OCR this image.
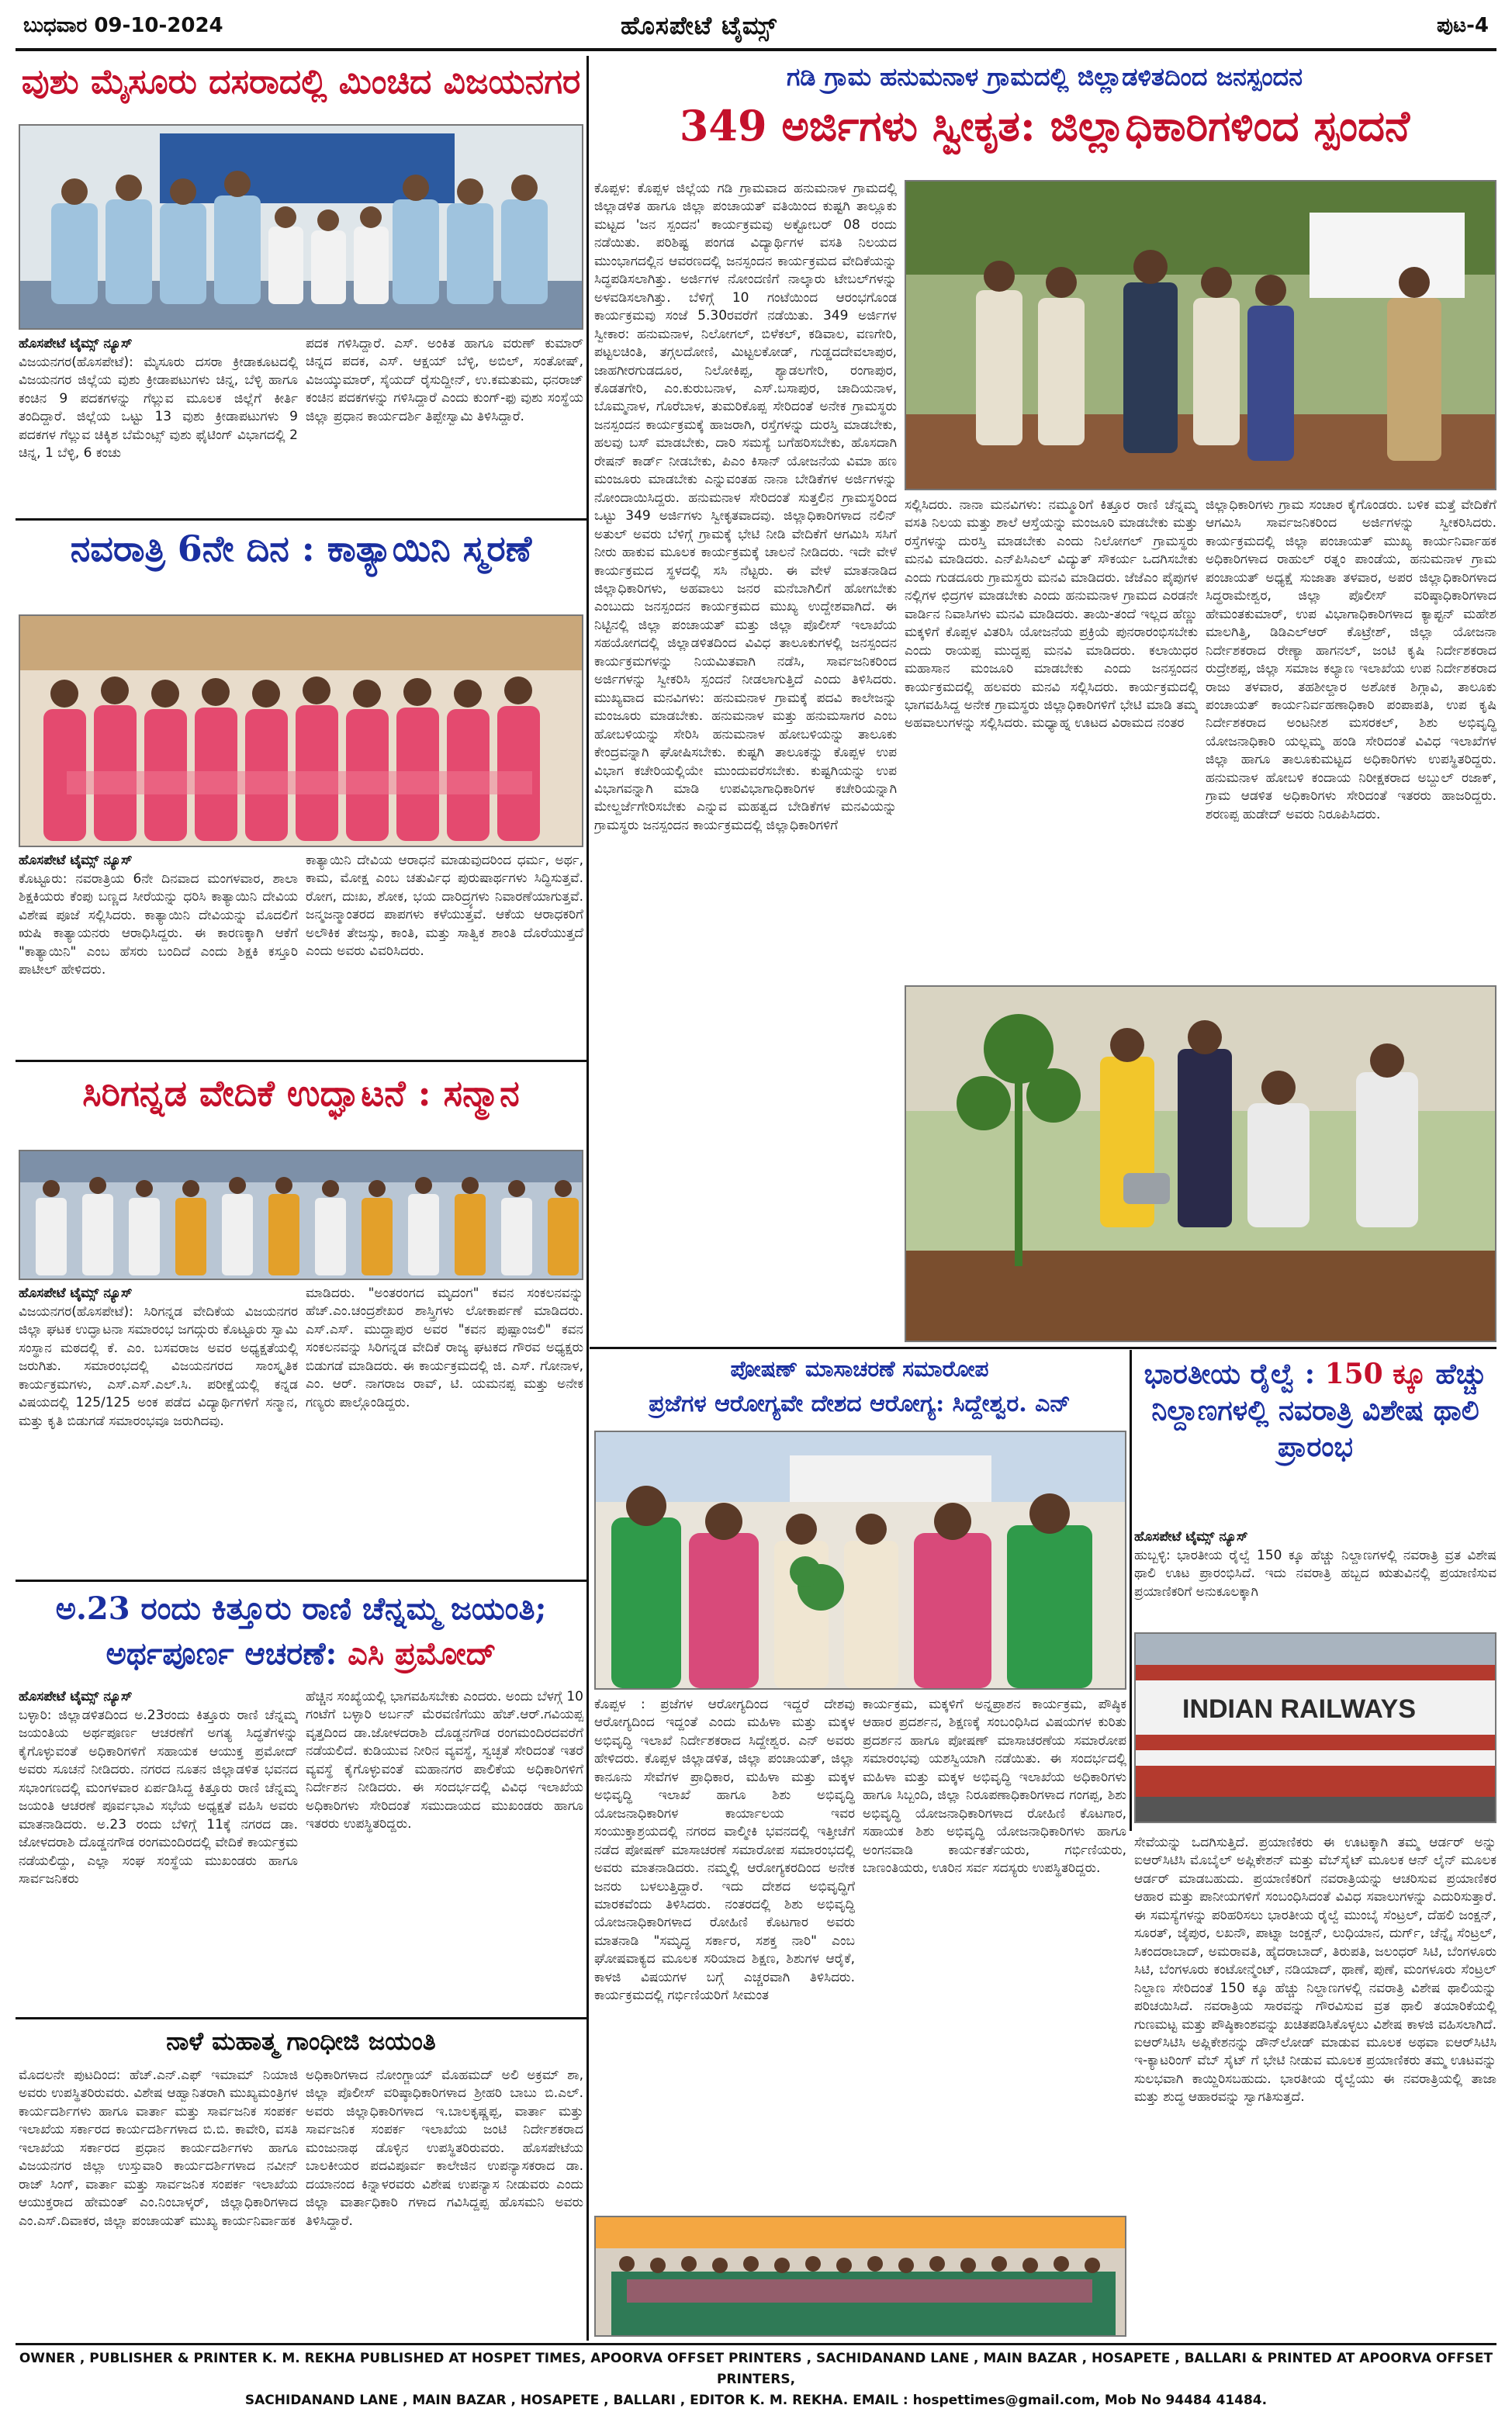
ಬುಧವಾರ 09-10-2024	ಹೊಸಪೇಟೆ ಟೈಮ್ಸ್	ಪುಟ-4
ವುಶು ಮೈಸೂರು ದಸರಾದಲ್ಲಿ ಮಿಂಚಿದ ವಿಜಯನಗರ
ಹೊಸಪೇಟೆ ಟೈಮ್ಸ್ ನ್ಯೂಸ್
ವಿಜಯನಗರ(ಹೊಸಪೇಟೆ): ಮೈಸೂರು ದಸರಾ ಕ್ರೀಡಾಕೂಟದಲ್ಲಿ ವಿಜಯನಗರ ಜಿಲ್ಲೆಯ ವುಶು ಕ್ರೀಡಾಪಟುಗಳು ಚಿನ್ನ, ಬೆಳ್ಳಿ ಹಾಗೂ ಕಂಚಿನ 9 ಪದಕಗಳನ್ನು ಗೆಲ್ಲುವ ಮೂಲಕ ಜಿಲ್ಲೆಗೆ ಕೀರ್ತಿ ತಂದಿದ್ದಾರೆ. ಜಿಲ್ಲೆಯ ಒಟ್ಟು 13 ವುಶು ಕ್ರೀಡಾಪಟುಗಳು 9 ಪದಕಗಳ ಗೆಲ್ಲುವ ಚಿಕ್ಕಿಶ ಬೆಮೆಂಟ್ಸ್ ವುಶು ಫೈಟಿಂಗ್ ವಿಭಾಗದಲ್ಲಿ 2 ಚಿನ್ನ, 1 ಬೆಳ್ಳಿ, 6 ಕಂಚು
ಪದಕ ಗಳಿಸಿದ್ದಾರೆ. ಎಸ್. ಅಂಕಿತ ಹಾಗೂ ವರುಣ್ ಕುಮಾರ್ ಚಿನ್ನದ ಪದಕ, ಎಸ್. ಆಕ್ಷಯ್ ಬೆಳ್ಳಿ, ಅಬಿಲ್, ಸಂತೋಷ್, ವಿಜಯ್ಕುಮಾರ್, ಸೈಯದ್ ರೈಸುದ್ದೀನ್, ಉ.ಕಮತುಮ, ಧನರಾಜ್ ಕಂಚಿನ ಪದಕಗಳನ್ನು ಗಳಿಸಿದ್ದಾರೆ ಎಂದು ಕುಂಗ್-ಫು ವುಶು ಸಂಸ್ಥೆಯ ಜಿಲ್ಲಾ ಪ್ರಧಾನ ಕಾರ್ಯದರ್ಶಿ ತಿಪ್ಪೇಸ್ವಾಮಿ ತಿಳಿಸಿದ್ದಾರೆ.
ನವರಾತ್ರಿ 6ನೇ ದಿನ : ಕಾತ್ಯಾಯಿನಿ ಸ್ಮರಣೆ
ಹೊಸಪೇಟೆ ಟೈಮ್ಸ್ ನ್ಯೂಸ್
ಕೊಟ್ಟೂರು: ನವರಾತ್ರಿಯ 6ನೇ ದಿನವಾದ ಮಂಗಳವಾರ, ಶಾಲಾ ಶಿಕ್ಷಕಿಯರು ಕೆಂಪು ಬಣ್ಣದ ಸೀರೆಯನ್ನು ಧರಿಸಿ ಕಾತ್ಯಾಯಿನಿ ದೇವಿಯ ವಿಶೇಷ ಪೂಜೆ ಸಲ್ಲಿಸಿದರು. ಕಾತ್ಯಾಯಿನಿ ದೇವಿಯನ್ನು ಮೊದಲಿಗೆ ಋಷಿ ಕಾತ್ಯಾಯನರು ಆರಾಧಿಸಿದ್ದರು. ಈ ಕಾರಣಕ್ಕಾಗಿ ಆಕೆಗೆ "ಕಾತ್ಯಾಯಿನಿ" ಎಂಬ ಹೆಸರು ಬಂದಿದೆ ಎಂದು ಶಿಕ್ಷಕಿ ಕಸ್ತೂರಿ ಪಾಟೀಲ್ ಹೇಳಿದರು.
ಕಾತ್ಯಾಯಿನಿ ದೇವಿಯ ಆರಾಧನೆ ಮಾಡುವುದರಿಂದ ಧರ್ಮ, ಅರ್ಥ, ಕಾಮ, ಮೋಕ್ಷ ಎಂಬ ಚತುರ್ವಿಧ ಪುರುಷಾರ್ಥಗಳು ಸಿದ್ಧಿಸುತ್ತವೆ. ರೋಗ, ದುಃಖ, ಶೋಕ, ಭಯ ದಾರಿದ್ರ್ಯಗಳು ನಿವಾರಣೆಯಾಗುತ್ತವೆ. ಜನ್ಮಜನ್ಮಾಂತರದ ಪಾಪಗಳು ಕಳೆಯುತ್ತವೆ. ಆಕೆಯ ಆರಾಧಕರಿಗೆ ಅಲೌಕಿಕ ತೇಜಸ್ಸು, ಕಾಂತಿ, ಮತ್ತು ಸಾತ್ವಿಕ ಶಾಂತಿ ದೊರೆಯುತ್ತದೆ ಎಂದು ಅವರು ವಿವರಿಸಿದರು.
ಸಿರಿಗನ್ನಡ ವೇದಿಕೆ ಉದ್ಘಾಟನೆ : ಸನ್ಮಾನ
ಹೊಸಪೇಟೆ ಟೈಮ್ಸ್ ನ್ಯೂಸ್
ವಿಜಯನಗರ(ಹೊಸಪೇಟೆ): ಸಿರಿಗನ್ನಡ ವೇದಿಕೆಯ ವಿಜಯನಗರ ಜಿಲ್ಲಾ ಘಟಕ ಉದ್ಘಾಟನಾ ಸಮಾರಂಭ ಜಗದ್ಗುರು ಕೊಟ್ಟೂರು ಸ್ವಾಮಿ ಸಂಸ್ಥಾನ ಮಠದಲ್ಲಿ ಕೆ. ಎಂ. ಬಸವರಾಜ ಅವರ ಅಧ್ಯಕ್ಷತೆಯಲ್ಲಿ ಜರುಗಿತು. ಸಮಾರಂಭದಲ್ಲಿ ವಿಜಯನಗರದ ಸಾಂಸ್ಕೃತಿಕ ಕಾರ್ಯಕ್ರಮಗಳು, ಎಸ್.ಎಸ್.ಎಲ್.ಸಿ. ಪರೀಕ್ಷೆಯಲ್ಲಿ ಕನ್ನಡ ವಿಷಯದಲ್ಲಿ 125/125 ಅಂಕ ಪಡೆದ ವಿದ್ಯಾರ್ಥಿಗಳಿಗೆ ಸನ್ಮಾನ, ಮತ್ತು ಕೃತಿ ಬಿಡುಗಡೆ ಸಮಾರಂಭವೂ ಜರುಗಿದವು.
ಮಾಡಿದರು. "ಅಂತರಂಗದ ಮೃದಂಗ" ಕವನ ಸಂಕಲನವನ್ನು ಹೆಚ್.ಎಂ.ಚಂದ್ರಶೇಖರ ಶಾಸ್ತ್ರಿಗಳು ಲೋಕಾರ್ಪಣೆ ಮಾಡಿದರು. ಎಸ್.ಎಸ್. ಮುದ್ದಾಪುರ ಅವರ "ಕವನ ಪುಷ್ಪಾಂಜಲಿ" ಕವನ ಸಂಕಲನವನ್ನು ಸಿರಿಗನ್ನಡ ವೇದಿಕೆ ರಾಜ್ಯ ಘಟಕದ ಗೌರವ ಅಧ್ಯಕ್ಷರು ಬಿಡುಗಡೆ ಮಾಡಿದರು. ಈ ಕಾರ್ಯಕ್ರಮದಲ್ಲಿ ಜಿ. ಎಸ್. ಗೋನಾಳ, ಎಂ. ಆರ್. ನಾಗರಾಜ ರಾವ್, ಟಿ. ಯಮನಪ್ಪ ಮತ್ತು ಅನೇಕ ಗಣ್ಯರು ಪಾಲ್ಗೊಂಡಿದ್ದರು.
ಅ.23 ರಂದು ಕಿತ್ತೂರು ರಾಣಿ ಚೆನ್ನಮ್ಮ ಜಯಂತಿ;
ಅರ್ಥಪೂರ್ಣ ಆಚರಣೆ: ಎಸಿ ಪ್ರಮೋದ್
ಹೊಸಪೇಟೆ ಟೈಮ್ಸ್ ನ್ಯೂಸ್
ಬಳ್ಳಾರಿ: ಜಿಲ್ಲಾಡಳಿತದಿಂದ ಅ.23ರಂದು ಕಿತ್ತೂರು ರಾಣಿ ಚೆನ್ನಮ್ಮ ಜಯಂತಿಯ ಅರ್ಥಪೂರ್ಣ ಆಚರಣೆಗೆ ಅಗತ್ಯ ಸಿದ್ಧತೆಗಳನ್ನು ಕೈಗೊಳ್ಳುವಂತೆ ಅಧಿಕಾರಿಗಳಿಗೆ ಸಹಾಯಕ ಆಯುಕ್ತ ಪ್ರಮೋದ್ ಅವರು ಸೂಚನೆ ನೀಡಿದರು. ನಗರದ ನೂತನ ಜಿಲ್ಲಾಡಳಿತ ಭವನದ ಸಭಾಂಗಣದಲ್ಲಿ ಮಂಗಳವಾರ ಏರ್ಪಡಿಸಿದ್ದ ಕಿತ್ತೂರು ರಾಣಿ ಚೆನ್ನಮ್ಮ ಜಯಂತಿ ಆಚರಣೆ ಪೂರ್ವಭಾವಿ ಸಭೆಯ ಅಧ್ಯಕ್ಷತೆ ವಹಿಸಿ ಅವರು ಮಾತನಾಡಿದರು. ಅ.23 ರಂದು ಬೆಳಿಗ್ಗೆ 11ಕ್ಕೆ ನಗರದ ಡಾ. ಜೋಳದರಾಶಿ ದೊಡ್ಡನಗೌಡ ರಂಗಮಂದಿರದಲ್ಲಿ ವೇದಿಕೆ ಕಾರ್ಯಕ್ರಮ ನಡೆಯಲಿದ್ದು, ಎಲ್ಲಾ ಸಂಘ ಸಂಸ್ಥೆಯ ಮುಖಂಡರು ಹಾಗೂ ಸಾರ್ವಜನಿಕರು
ಹೆಚ್ಚಿನ ಸಂಖ್ಯೆಯಲ್ಲಿ ಭಾಗವಹಿಸಬೇಕು ಎಂದರು. ಅಂದು ಬೆಳಗ್ಗೆ 10 ಗಂಟೆಗೆ ಬಳ್ಳಾರಿ ಅರ್ಬನ್ ಮೆರವಣಿಗೆಯು ಹೆಚ್.ಆರ್.ಗವಿಯಪ್ಪ ವೃತ್ತದಿಂದ ಡಾ.ಜೋಳದರಾಶಿ ದೊಡ್ಡನಗೌಡ ರಂಗಮಂದಿರದವರೆಗೆ ನಡೆಯಲಿದೆ. ಕುಡಿಯುವ ನೀರಿನ ವ್ಯವಸ್ಥೆ, ಸ್ವಚ್ಛತೆ ಸೇರಿದಂತೆ ಇತರೆ ವ್ಯವಸ್ಥೆ ಕೈಗೊಳ್ಳುವಂತೆ ಮಹಾನಗರ ಪಾಲಿಕೆಯ ಅಧಿಕಾರಿಗಳಿಗೆ ನಿರ್ದೇಶನ ನೀಡಿದರು. ಈ ಸಂದರ್ಭದಲ್ಲಿ ವಿವಿಧ ಇಲಾಖೆಯ ಅಧಿಕಾರಿಗಳು ಸೇರಿದಂತೆ ಸಮುದಾಯದ ಮುಖಂಡರು ಹಾಗೂ ಇತರರು ಉಪಸ್ಥಿತರಿದ್ದರು.
ನಾಳೆ ಮಹಾತ್ಮ ಗಾಂಧೀಜಿ ಜಯಂತಿ
ಮೊದಲನೇ ಪುಟದಿಂದ: ಹೆಚ್.ಎನ್.ಎಫ್ ಇಮಾಮ್ ನಿಯಾಜಿ ಅವರು ಉಪಸ್ಥಿತರಿರುವರು. ವಿಶೇಷ ಆಹ್ವಾನಿತರಾಗಿ ಮುಖ್ಯಮಂತ್ರಿಗಳ ಕಾರ್ಯದರ್ಶಿಗಳು ಹಾಗೂ ವಾರ್ತಾ ಮತ್ತು ಸಾರ್ವಜನಿಕ ಸಂಪರ್ಕ ಇಲಾಖೆಯ ಸರ್ಕಾರದ ಕಾರ್ಯದರ್ಶಿಗಳಾದ ಬಿ.ಬಿ. ಕಾವೇರಿ, ವಸತಿ ಇಲಾಖೆಯ ಸರ್ಕಾರದ ಪ್ರಧಾನ ಕಾರ್ಯದರ್ಶಿಗಳು ಹಾಗೂ ವಿಜಯನಗರ ಜಿಲ್ಲಾ ಉಸ್ತುವಾರಿ ಕಾರ್ಯದರ್ಶಿಗಳಾದ ನವೀನ್ ರಾಜ್ ಸಿಂಗ್, ವಾರ್ತಾ ಮತ್ತು ಸಾರ್ವಜನಿಕ ಸಂಪರ್ಕ ಇಲಾಖೆಯ ಆಯುಕ್ತರಾದ ಹೇಮಂತ್ ಎಂ.ನಿಂಬಾಳ್ಕರ್, ಜಿಲ್ಲಾಧಿಕಾರಿಗಳಾದ ಎಂ.ಎಸ್.ದಿವಾಕರ, ಜಿಲ್ಲಾ ಪಂಚಾಯತ್ ಮುಖ್ಯ ಕಾರ್ಯನಿರ್ವಾಹಕ
ಅಧಿಕಾರಿಗಳಾದ ನೋಂಗ್ಜಾಯ್ ಮೊಹಮದ್ ಅಲಿ ಅಕ್ರಮ್ ಶಾ, ಜಿಲ್ಲಾ ಪೊಲೀಸ್ ವರಿಷ್ಠಾಧಿಕಾರಿಗಳಾದ ಶ್ರೀಹರಿ ಬಾಬು ಬಿ.ಎಲ್. ಅವರು ಜಿಲ್ಲಾಧಿಕಾರಿಗಳಾದ ಇ.ಬಾಲಕೃಷ್ಣಪ್ಪ, ವಾರ್ತಾ ಮತ್ತು ಸಾರ್ವಜನಿಕ ಸಂಪರ್ಕ ಇಲಾಖೆಯ ಜಂಟಿ ನಿರ್ದೇಶಕರಾದ ಮಂಜುನಾಥ ಡೊಳ್ಳಿನ ಉಪಸ್ಥಿತರಿರುವರು. ಹೊಸಪೇಟೆಯ ಬಾಲಕೀಯರ ಪದವಿಪೂರ್ವ ಕಾಲೇಜಿನ ಉಪನ್ಯಾಸಕರಾದ ಡಾ. ದಯಾನಂದ ಕಿನ್ನಾಳರವರು ವಿಶೇಷ ಉಪನ್ಯಾಸ ನೀಡುವರು ಎಂದು ಜಿಲ್ಲಾ ವಾರ್ತಾಧಿಕಾರಿ ಗಳಾದ ಗವಿಸಿದ್ದಪ್ಪ ಹೊಸಮನಿ ಅವರು ತಿಳಿಸಿದ್ದಾರೆ.
ಗಡಿ ಗ್ರಾಮ ಹನುಮನಾಳ ಗ್ರಾಮದಲ್ಲಿ ಜಿಲ್ಲಾಡಳಿತದಿಂದ ಜನಸ್ಪಂದನ
349 ಅರ್ಜಿಗಳು ಸ್ವೀಕೃತ: ಜಿಲ್ಲಾಧಿಕಾರಿಗಳಿಂದ ಸ್ಪಂದನೆ
ಕೊಪ್ಪಳ: ಕೊಪ್ಪಳ ಜಿಲ್ಲೆಯ ಗಡಿ ಗ್ರಾಮವಾದ ಹನುಮನಾಳ ಗ್ರಾಮದಲ್ಲಿ ಜಿಲ್ಲಾಡಳಿತ ಹಾಗೂ ಜಿಲ್ಲಾ ಪಂಚಾಯತ್ ವತಿಯಿಂದ ಕುಷ್ಟಗಿ ತಾಲ್ಲೂಕು ಮಟ್ಟದ 'ಜನ ಸ್ಪಂದನ' ಕಾರ್ಯಕ್ರಮವು ಅಕ್ಟೋಬರ್ 08 ರಂದು ನಡೆಯಿತು. ಪರಿಶಿಷ್ಟ ಪಂಗಡ ವಿದ್ಯಾರ್ಥಿಗಳ ವಸತಿ ನಿಲಯದ ಮುಂಭಾಗದಲ್ಲಿನ ಆವರಣದಲ್ಲಿ ಜನಸ್ಪಂದನ ಕಾರ್ಯಕ್ರಮದ ವೇದಿಕೆಯನ್ನು ಸಿದ್ಧಪಡಿಸಲಾಗಿತ್ತು. ಅರ್ಜಿಗಳ ನೋಂದಣಿಗೆ ನಾಲ್ಕಾರು ಟೇಬಲ್‌ಗಳನ್ನು ಅಳವಡಿಸಲಾಗಿತ್ತು. ಬೆಳಿಗ್ಗೆ 10 ಗಂಟೆಯಿಂದ ಆರಂಭಗೊಂಡ ಕಾರ್ಯಕ್ರಮವು ಸಂಜೆ 5.30ರವರೆಗೆ ನಡೆಯಿತು. 349 ಅರ್ಜಿಗಳ ಸ್ವೀಕಾರ: ಹನುಮನಾಳ, ನಿಲೋಗಲ್, ಬಿಳೆಕಲ್, ಕಡಿವಾಲ, ವಣಗೇರಿ, ಪಟ್ಟಲಚಿಂತಿ, ತಗ್ಗಲದೋಣಿ, ಮಿಟ್ಟಲಕೋಡ್, ಗುಡ್ಡದದೇವಲಾಪುರ, ಜಾಹಗೀರಗುಡದೂರ, ನಿಲೋಕಿಪ್ಪ, ಶ್ಯಾಡಲಗೇರಿ, ರಂಗಾಪುರ, ಕೊಡತಗೇರಿ, ಎಂ.ಕುರುಬನಾಳ, ಎಸ್.ಬಸಾಪುರ, ಚಾದಿಯನಾಳ, ಬೊಮ್ಮನಾಳ, ಗೊರೆಬಾಳ, ತುಮರಿಕೊಪ್ಪ ಸೇರಿದಂತೆ ಅನೇಕ ಗ್ರಾಮಸ್ಥರು ಜನಸ್ಪಂದನ ಕಾರ್ಯಕ್ರಮಕ್ಕೆ ಹಾಜರಾಗಿ, ರಸ್ತೆಗಳನ್ನು ದುರಸ್ತಿ ಮಾಡಬೇಕು, ಹಲವು ಬಸ್ ಮಾಡಬೇಕು, ದಾರಿ ಸಮಸ್ಯೆ ಬಗೆಹರಿಸಬೇಕು, ಹೊಸದಾಗಿ ರೇಷನ್ ಕಾರ್ಡ್ ನೀಡಬೇಕು, ಪಿಎಂ ಕಿಸಾನ್ ಯೋಜನೆಯ ವಿಮಾ ಹಣ ಮಂಜೂರು ಮಾಡಬೇಕು ಎನ್ನುವಂತಹ ನಾನಾ ಬೇಡಿಕೆಗಳ ಅರ್ಜಿಗಳನ್ನು ನೋಂದಾಯಿಸಿದ್ದರು. ಹನುಮನಾಳ ಸೇರಿದಂತೆ ಸುತ್ತಲಿನ ಗ್ರಾಮಸ್ಥರಿಂದ ಒಟ್ಟು 349 ಅರ್ಜಿಗಳು ಸ್ವೀಕೃತವಾದವು. ಜಿಲ್ಲಾಧಿಕಾರಿಗಳಾದ ನಲಿನ್ ಅತುಲ್ ಅವರು ಬೆಳಿಗ್ಗೆ ಗ್ರಾಮಕ್ಕೆ ಭೇಟಿ ನೀಡಿ ವೇದಿಕೆಗೆ ಆಗಮಿಸಿ ಸಸಿಗೆ ನೀರು ಹಾಕುವ ಮೂಲಕ ಕಾರ್ಯಕ್ರಮಕ್ಕೆ ಚಾಲನೆ ನೀಡಿದರು. ಇದೇ ವೇಳೆ ಕಾರ್ಯಕ್ರಮದ ಸ್ಥಳದಲ್ಲಿ ಸಸಿ ನೆಟ್ಟರು. ಈ ವೇಳೆ ಮಾತನಾಡಿದ ಜಿಲ್ಲಾಧಿಕಾರಿಗಳು, ಅಹವಾಲು ಜನರ ಮನೆಬಾಗಿಲಿಗೆ ಹೋಗಬೇಕು ಎಂಬುದು ಜನಸ್ಪಂದನ ಕಾರ್ಯಕ್ರಮದ ಮುಖ್ಯ ಉದ್ದೇಶವಾಗಿದೆ. ಈ ನಿಟ್ಟಿನಲ್ಲಿ ಜಿಲ್ಲಾ ಪಂಚಾಯತ್ ಮತ್ತು ಜಿಲ್ಲಾ ಪೊಲೀಸ್ ಇಲಾಖೆಯ ಸಹಯೋಗದಲ್ಲಿ ಜಿಲ್ಲಾಡಳಿತದಿಂದ ವಿವಿಧ ತಾಲೂಕುಗಳಲ್ಲಿ ಜನಸ್ಪಂದನ ಕಾರ್ಯಕ್ರಮಗಳನ್ನು ನಿಯಮಿತವಾಗಿ ನಡೆಸಿ, ಸಾರ್ವಜನಿಕರಿಂದ ಅರ್ಜಿಗಳನ್ನು ಸ್ವೀಕರಿಸಿ ಸ್ಪಂದನೆ ನೀಡಲಾಗುತ್ತಿದೆ ಎಂದು ತಿಳಿಸಿದರು. ಮುಖ್ಯವಾದ ಮನವಿಗಳು: ಹನುಮನಾಳ ಗ್ರಾಮಕ್ಕೆ ಪದವಿ ಕಾಲೇಜನ್ನು ಮಂಜೂರು ಮಾಡಬೇಕು. ಹನುಮನಾಳ ಮತ್ತು ಹನುಮಸಾಗರ ಎಂಬ ಹೋಬಳಿಯನ್ನು ಸೇರಿಸಿ ಹನುಮನಾಳ ಹೋಬಳಿಯನ್ನು ತಾಲೂಕು ಕೇಂದ್ರವನ್ನಾಗಿ ಘೋಷಿಸಬೇಕು. ಕುಷ್ಟಗಿ ತಾಲೂಕನ್ನು ಕೊಪ್ಪಳ ಉಪ ವಿಭಾಗ ಕಚೇರಿಯಲ್ಲಿಯೇ ಮುಂದುವರೆಸಬೇಕು. ಕುಷ್ಟಗಿಯನ್ನು ಉಪ ವಿಭಾಗವನ್ನಾಗಿ ಮಾಡಿ ಉಪವಿಭಾಗಾಧಿಕಾರಿಗಳ ಕಚೇರಿಯನ್ನಾಗಿ ಮೇಲ್ದರ್ಜೆಗೇರಿಸಬೇಕು ಎನ್ನುವ ಮಹತ್ವದ ಬೇಡಿಕೆಗಳ ಮನವಿಯನ್ನು ಗ್ರಾಮಸ್ಥರು ಜನಸ್ಪಂದನ ಕಾರ್ಯಕ್ರಮದಲ್ಲಿ ಜಿಲ್ಲಾಧಿಕಾರಿಗಳಿಗೆ
ಸಲ್ಲಿಸಿದರು. ನಾನಾ ಮನವಿಗಳು: ನಮ್ಮೂರಿಗೆ ಕಿತ್ತೂರ ರಾಣಿ ಚೆನ್ನಮ್ಮ ವಸತಿ ನಿಲಯ ಮತ್ತು ಶಾಲೆ ಆಸ್ತೆಯನ್ನು ಮಂಜೂರಿ ಮಾಡಬೇಕು ಮತ್ತು ರಸ್ತೆಗಳನ್ನು ದುರಸ್ತಿ ಮಾಡಬೇಕು ಎಂದು ನಿಲೋಗಲ್ ಗ್ರಾಮಸ್ಥರು ಮನವಿ ಮಾಡಿದರು. ಎನ್‌ಪಿಸಿಎಲ್ ವಿದ್ಯುತ್ ಸೌಕರ್ಯ ಒದಗಿಸಬೇಕು ಎಂದು ಗುಡದೂರು ಗ್ರಾಮಸ್ಥರು ಮನವಿ ಮಾಡಿದರು. ಜೆಜೆಎಂ ಪೈಪುಗಳ ನಲ್ಲಿಗಳ ಛಿದ್ರಗಳ ಮಾಡಬೇಕು ಎಂದು ಹನುಮನಾಳ ಗ್ರಾಮದ ಎರಡನೇ ವಾರ್ಡಿನ ನಿವಾಸಿಗಳು ಮನವಿ ಮಾಡಿದರು. ತಾಯಿ-ತಂದೆ ಇಲ್ಲದ ಹೆಣ್ಣು ಮಕ್ಕಳಿಗೆ ಕೊಪ್ಪಳ ವಿತರಿಸಿ ಯೋಜನೆಯ ಪ್ರಕ್ರಿಯೆ ಪುನರಾರಂಭಿಸಬೇಕು ಎಂದು ರಾಯಪ್ಪ ಮುದ್ದಪ್ಪ ಮನವಿ ಮಾಡಿದರು. ಕಲಾಯಿಧರ ಮಹಾಸಾನ ಮಂಜೂರಿ ಮಾಡಬೇಕು ಎಂದು ಜನಸ್ಪಂದನ ಕಾರ್ಯಕ್ರಮದಲ್ಲಿ ಹಲವರು ಮನವಿ ಸಲ್ಲಿಸಿದರು. ಕಾರ್ಯಕ್ರಮದಲ್ಲಿ ಭಾಗವಹಿಸಿದ್ದ ಅನೇಕ ಗ್ರಾಮಸ್ಥರು ಜಿಲ್ಲಾಧಿಕಾರಿಗಳಿಗೆ ಭೇಟಿ ಮಾಡಿ ತಮ್ಮ ಅಹವಾಲುಗಳನ್ನು ಸಲ್ಲಿಸಿದರು. ಮಧ್ಯಾಹ್ನ ಊಟದ ವಿರಾಮದ ನಂತರ
ಜಿಲ್ಲಾಧಿಕಾರಿಗಳು ಗ್ರಾಮ ಸಂಚಾರ ಕೈಗೊಂಡರು. ಬಳಿಕ ಮತ್ತೆ ವೇದಿಕೆಗೆ ಆಗಮಿಸಿ ಸಾರ್ವಜನಿಕರಿಂದ ಅರ್ಜಿಗಳನ್ನು ಸ್ವೀಕರಿಸಿದರು. ಕಾರ್ಯಕ್ರಮದಲ್ಲಿ ಜಿಲ್ಲಾ ಪಂಚಾಯತ್ ಮುಖ್ಯ ಕಾರ್ಯನಿರ್ವಾಹಕ ಅಧಿಕಾರಿಗಳಾದ ರಾಹುಲ್ ರತ್ನಂ ಪಾಂಡೆಯ, ಹನುಮನಾಳ ಗ್ರಾಮ ಪಂಚಾಯತ್ ಅಧ್ಯಕ್ಷೆ ಸುಜಾತಾ ತಳವಾರ, ಅಪರ ಜಿಲ್ಲಾಧಿಕಾರಿಗಳಾದ ಸಿದ್ಧರಾಮೇಶ್ವರ, ಜಿಲ್ಲಾ ಪೊಲೀಸ್ ವರಿಷ್ಠಾಧಿಕಾರಿಗಳಾದ ಹೇಮಂತಕುಮಾರ್, ಉಪ ವಿಭಾಗಾಧಿಕಾರಿಗಳಾದ ಕ್ಯಾಪ್ಟನ್ ಮಹೇಶ ಮಾಲಗಿತ್ತಿ, ಡಿಡಿಎಲ್ಆರ್ ಕೊಟ್ರೇಶ್, ಜಿಲ್ಲಾ ಯೋಜನಾ ನಿರ್ದೇಶಕರಾದ ರೇಣ್ಯಾ ಹಾಗನಲ್, ಜಂಟಿ ಕೃಷಿ ನಿರ್ದೇಶಕರಾದ ರುದ್ರೇಶಪ್ಪ, ಜಿಲ್ಲಾ ಸಮಾಜ ಕಲ್ಯಾಣ ಇಲಾಖೆಯ ಉಪ ನಿರ್ದೇಶಕರಾದ ರಾಜು ತಳವಾರ, ತಹಶೀಲ್ದಾರ ಅಶೋಕ ಶಿಗ್ಗಾವಿ, ತಾಲೂಕು ಪಂಚಾಯತ್ ಕಾರ್ಯನಿರ್ವಹಣಾಧಿಕಾರಿ ಪಂಪಾಪತಿ, ಉಪ ಕೃಷಿ ನಿರ್ದೇಶಕರಾದ ಅಂಟನೀಶ ಮಸರಕಲ್, ಶಿಶು ಅಭಿವೃದ್ಧಿ ಯೋಜನಾಧಿಕಾರಿ ಯಲ್ಲಮ್ಮ ಹಂಡಿ ಸೇರಿದಂತೆ ವಿವಿಧ ಇಲಾಖೆಗಳ ಜಿಲ್ಲಾ ಹಾಗೂ ತಾಲೂಕುಮಟ್ಟದ ಅಧಿಕಾರಿಗಳು ಉಪಸ್ಥಿತರಿದ್ದರು. ಹನುಮನಾಳ ಹೋಬಳಿ ಕಂದಾಯ ನಿರೀಕ್ಷಕರಾದ ಅಬ್ದುಲ್ ರಜಾಕ್, ಗ್ರಾಮ ಆಡಳಿತ ಅಧಿಕಾರಿಗಳು ಸೇರಿದಂತೆ ಇತರರು ಹಾಜರಿದ್ದರು. ಶರಣಪ್ಪ ಹುಡೇದ್ ಅವರು ನಿರೂಪಿಸಿದರು.
ಪೋಷಣ್ ಮಾಸಾಚರಣೆ ಸಮಾರೋಪ
ಪ್ರಜೆಗಳ ಆರೋಗ್ಯವೇ ದೇಶದ ಆರೋಗ್ಯ: ಸಿದ್ದೇಶ್ವರ. ಎನ್
ಕೊಪ್ಪಳ : ಪ್ರಜೆಗಳ ಆರೋಗ್ಯದಿಂದ ಇದ್ದರೆ ದೇಶವು ಆರೋಗ್ಯದಿಂದ ಇದ್ದಂತೆ ಎಂದು ಮಹಿಳಾ ಮತ್ತು ಮಕ್ಕಳ ಅಭಿವೃದ್ಧಿ ಇಲಾಖೆ ನಿರ್ದೇಶಕರಾದ ಸಿದ್ದೇಶ್ವರ. ಎನ್ ಅವರು ಹೇಳಿದರು. ಕೊಪ್ಪಳ ಜಿಲ್ಲಾಡಳಿತ, ಜಿಲ್ಲಾ ಪಂಚಾಯತ್, ಜಿಲ್ಲಾ ಕಾನೂನು ಸೇವೆಗಳ ಪ್ರಾಧಿಕಾರ, ಮಹಿಳಾ ಮತ್ತು ಮಕ್ಕಳ ಅಭಿವೃದ್ಧಿ ಇಲಾಖೆ ಹಾಗೂ ಶಿಶು ಅಭಿವೃದ್ಧಿ ಯೋಜನಾಧಿಕಾರಿಗಳ ಕಾರ್ಯಾಲಯ ಇವರ ಸಂಯುಕ್ತಾಶ್ರಯದಲ್ಲಿ ನಗರದ ವಾಲ್ಮೀಕಿ ಭವನದಲ್ಲಿ ಇತ್ತೀಚೆಗೆ ನಡೆದ ಪೋಷಣ್ ಮಾಸಾಚರಣೆ ಸಮಾರೋಪ ಸಮಾರಂಭದಲ್ಲಿ ಅವರು ಮಾತನಾಡಿದರು. ನಮ್ಮಲ್ಲಿ ಆರೋಗ್ಯಕರದಿಂದ ಅನೇಕ ಜನರು ಬಳಲುತ್ತಿದ್ದಾರೆ. ಇದು ದೇಶದ ಅಭಿವೃದ್ಧಿಗೆ ಮಾರಕವೆಂದು ತಿಳಿಸಿದರು. ನಂತರದಲ್ಲಿ ಶಿಶು ಅಭಿವೃದ್ಧಿ ಯೋಜನಾಧಿಕಾರಿಗಳಾದ ರೋಹಿಣಿ ಕೊಟಗಾರ ಅವರು ಮಾತನಾಡಿ "ಸಮೃದ್ಧ ಸರ್ಕಾರ, ಸಶಕ್ತ ನಾರಿ" ಎಂಬ ಘೋಷವಾಕ್ಯದ ಮೂಲಕ ಸರಿಯಾದ ಶಿಕ್ಷಣ, ಶಿಶುಗಳ ಆರೈಕೆ, ಕಾಳಜಿ ವಿಷಯಗಳ ಬಗ್ಗೆ ಎಚ್ಚರವಾಗಿ ತಿಳಿಸಿದರು. ಕಾರ್ಯಕ್ರಮದಲ್ಲಿ ಗರ್ಭಿಣಿಯರಿಗೆ ಸೀಮಂತ
ಕಾರ್ಯಕ್ರಮ, ಮಕ್ಕಳಿಗೆ ಅನ್ನಪ್ರಾಶನ ಕಾರ್ಯಕ್ರಮ, ಪೌಷ್ಠಿಕ ಆಹಾರ ಪ್ರದರ್ಶನ, ಶಿಕ್ಷಣಕ್ಕೆ ಸಂಬಂಧಿಸಿದ ವಿಷಯಗಳ ಕುರಿತು ಪ್ರದರ್ಶನ ಹಾಗೂ ಪೋಷಣ್ ಮಾಸಾಚರಣೆಯ ಸಮಾರೋಪ ಸಮಾರಂಭವು ಯಶಸ್ವಿಯಾಗಿ ನಡೆಯಿತು. ಈ ಸಂದರ್ಭದಲ್ಲಿ ಮಹಿಳಾ ಮತ್ತು ಮಕ್ಕಳ ಅಭಿವೃದ್ಧಿ ಇಲಾಖೆಯ ಅಧಿಕಾರಿಗಳು ಹಾಗೂ ಸಿಬ್ಬಂದಿ, ಜಿಲ್ಲಾ ನಿರೂಪಣಾಧಿಕಾರಿಗಳಾದ ಗಂಗಪ್ಪ, ಶಿಶು ಅಭಿವೃದ್ಧಿ ಯೋಜನಾಧಿಕಾರಿಗಳಾದ ರೋಹಿಣಿ ಕೊಟಗಾರ, ಸಹಾಯಕ ಶಿಶು ಅಭಿವೃದ್ಧಿ ಯೋಜನಾಧಿಕಾರಿಗಳು ಹಾಗೂ ಅಂಗನವಾಡಿ ಕಾರ್ಯಕರ್ತೆಯರು, ಗರ್ಭಿಣಿಯರು, ಬಾಣಂತಿಯರು, ಊರಿನ ಸರ್ವ ಸದಸ್ಯರು ಉಪಸ್ಥಿತರಿದ್ದರು.
ಭಾರತೀಯ ರೈಲ್ವೆ : 150 ಕ್ಕೂ ಹೆಚ್ಚು ನಿಲ್ದಾಣಗಳಲ್ಲಿ ನವರಾತ್ರಿ ವಿಶೇಷ ಥಾಲಿ ಪ್ರಾರಂಭ
ಹೊಸಪೇಟೆ ಟೈಮ್ಸ್ ನ್ಯೂಸ್
ಹುಬ್ಬಳ್ಳಿ: ಭಾರತೀಯ ರೈಲ್ವೆ 150 ಕ್ಕೂ ಹೆಚ್ಚು ನಿಲ್ದಾಣಗಳಲ್ಲಿ ನವರಾತ್ರಿ ವ್ರತ ವಿಶೇಷ ಥಾಲಿ ಊಟ ಪ್ರಾರಂಭಿಸಿದೆ. ಇದು ನವರಾತ್ರಿ ಹಬ್ಬದ ಋತುವಿನಲ್ಲಿ ಪ್ರಯಾಣಿಸುವ ಪ್ರಯಾಣಿಕರಿಗೆ ಅನುಕೂಲಕ್ಕಾಗಿ
INDIAN RAILWAYS
ಸೇವೆಯನ್ನು ಒದಗಿಸುತ್ತಿದೆ. ಪ್ರಯಾಣಿಕರು ಈ ಊಟಕ್ಕಾಗಿ ತಮ್ಮ ಆರ್ಡರ್ ಅನ್ನು ಐಆರ್‌ಸಿಟಿಸಿ ಮೊಬೈಲ್ ಅಪ್ಲಿಕೇಶನ್ ಮತ್ತು ವೆಬ್‌ಸೈಟ್ ಮೂಲಕ ಆನ್ ಲೈನ್ ಮೂಲಕ ಆರ್ಡರ್ ಮಾಡಬಹುದು. ಪ್ರಯಾಣಿಕರಿಗೆ ನವರಾತ್ರಿಯನ್ನು ಆಚರಿಸುವ ಪ್ರಯಾಣಿಕರ ಆಹಾರ ಮತ್ತು ಪಾನೀಯಗಳಿಗೆ ಸಂಬಂಧಿಸಿದಂತೆ ವಿವಿಧ ಸವಾಲುಗಳನ್ನು ಎದುರಿಸುತ್ತಾರೆ. ಈ ಸಮಸ್ಯೆಗಳನ್ನು ಪರಿಹರಿಸಲು ಭಾರತೀಯ ರೈಲ್ವೆ ಮುಂಬೈ ಸೆಂಟ್ರಲ್, ದೆಹಲಿ ಜಂಕ್ಷನ್, ಸೂರತ್, ಜೈಪುರ, ಲಖನೌ, ಪಾಟ್ನಾ ಜಂಕ್ಷನ್, ಲುಧಿಯಾನ, ದುರ್ಗ್, ಚೆನ್ನೈ ಸೆಂಟ್ರಲ್, ಸಿಕಂದರಾಬಾದ್, ಅಮರಾವತಿ, ಹೈದರಾಬಾದ್, ತಿರುಪತಿ, ಜಲಂಧರ್ ಸಿಟಿ, ಬೆಂಗಳೂರು ಸಿಟಿ, ಬೆಂಗಳೂರು ಕಂಟೋನ್ಮೆಂಟ್, ನಡಿಯಾದ್, ಥಾಣೆ, ಪುಣೆ, ಮಂಗಳೂರು ಸೆಂಟ್ರಲ್ ನಿಲ್ದಾಣ ಸೇರಿದಂತೆ 150 ಕ್ಕೂ ಹೆಚ್ಚು ನಿಲ್ದಾಣಗಳಲ್ಲಿ ನವರಾತ್ರಿ ವಿಶೇಷ ಥಾಲಿಯನ್ನು ಪರಿಚಯಿಸಿದೆ. ನವರಾತ್ರಿಯ ಸಾರವನ್ನು ಗೌರವಿಸುವ ವ್ರತ ಥಾಲಿ ತಯಾರಿಕೆಯಲ್ಲಿ ಗುಣಮಟ್ಟ ಮತ್ತು ಪೌಷ್ಠಿಕಾಂಶವನ್ನು ಖಚಿತಪಡಿಸಿಕೊಳ್ಳಲು ವಿಶೇಷ ಕಾಳಜಿ ವಹಿಸಲಾಗಿದೆ. ಐಆರ್‌ಸಿಟಿಸಿ ಅಪ್ಲಿಕೇಶನನ್ನು ಡೌನ್‌ಲೋಡ್ ಮಾಡುವ ಮೂಲಕ ಅಥವಾ ಐಆರ್‌ಸಿಟಿಸಿ ಇ-ಕ್ಯಾಟರಿಂಗ್ ವೆಬ್ ಸೈಟ್ ಗೆ ಭೇಟಿ ನೀಡುವ ಮೂಲಕ ಪ್ರಯಾಣಿಕರು ತಮ್ಮ ಊಟವನ್ನು ಸುಲಭವಾಗಿ ಕಾಯ್ದಿರಿಸಬಹುದು. ಭಾರತೀಯ ರೈಲ್ವೆಯು ಈ ನವರಾತ್ರಿಯಲ್ಲಿ ತಾಜಾ ಮತ್ತು ಶುದ್ಧ ಆಹಾರವನ್ನು ಸ್ವಾಗತಿಸುತ್ತದೆ.
OWNER , PUBLISHER & PRINTER K. M. REKHA PUBLISHED AT HOSPET TIMES, APOORVA OFFSET PRINTERS , SACHIDANAND LANE , MAIN BAZAR , HOSAPETE , BALLARI & PRINTED AT APOORVA OFFSET PRINTERS,
SACHIDANAND LANE , MAIN BAZAR , HOSAPETE , BALLARI , EDITOR K. M. REKHA. EMAIL : hospettimes@gmail.com, Mob No 94484 41484.
